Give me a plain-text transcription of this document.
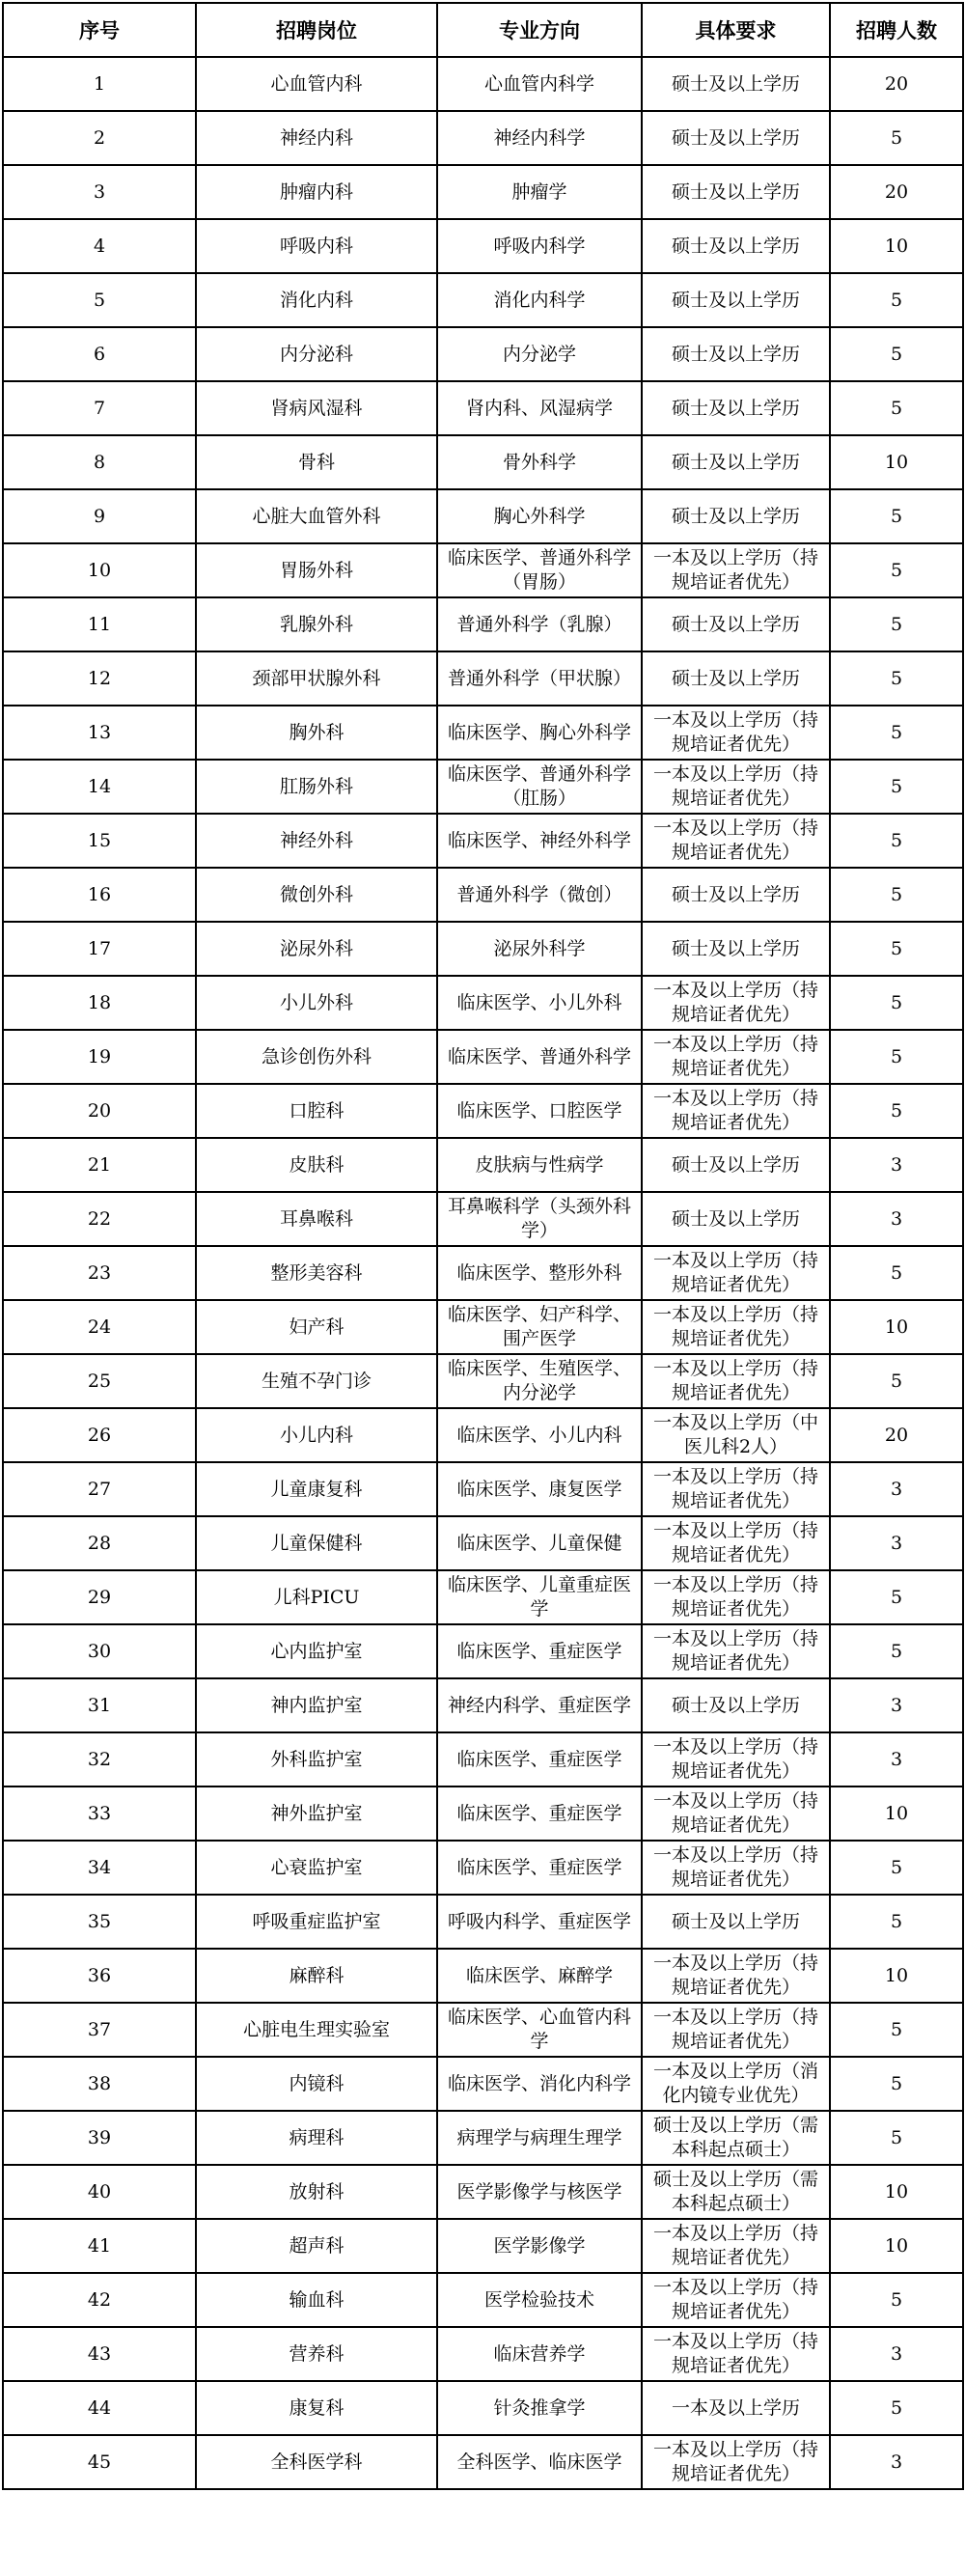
序号	招聘岗位	专业方向	具体要求	招聘人数
1	心血管内科	心血管内科学	硕士及以上学历	20
2	神经内科	神经内科学	硕士及以上学历	5
3	肿瘤内科	肿瘤学	硕士及以上学历	20
4	呼吸内科	呼吸内科学	硕士及以上学历	10
5	消化内科	消化内科学	硕士及以上学历	5
6	内分泌科	内分泌学	硕士及以上学历	5
7	肾病风湿科	肾内科、风湿病学	硕士及以上学历	5
8	骨科	骨外科学	硕士及以上学历	10
9	心脏大血管外科	胸心外科学	硕士及以上学历	5
10	胃肠外科	临床医学、普通外科学（胃肠）	一本及以上学历（持规培证者优先）	5
11	乳腺外科	普通外科学（乳腺）	硕士及以上学历	5
12	颈部甲状腺外科	普通外科学（甲状腺）	硕士及以上学历	5
13	胸外科	临床医学、胸心外科学	一本及以上学历（持规培证者优先）	5
14	肛肠外科	临床医学、普通外科学（肛肠）	一本及以上学历（持规培证者优先）	5
15	神经外科	临床医学、神经外科学	一本及以上学历（持规培证者优先）	5
16	微创外科	普通外科学（微创）	硕士及以上学历	5
17	泌尿外科	泌尿外科学	硕士及以上学历	5
18	小儿外科	临床医学、小儿外科	一本及以上学历（持规培证者优先）	5
19	急诊创伤外科	临床医学、普通外科学	一本及以上学历（持规培证者优先）	5
20	口腔科	临床医学、口腔医学	一本及以上学历（持规培证者优先）	5
21	皮肤科	皮肤病与性病学	硕士及以上学历	3
22	耳鼻喉科	耳鼻喉科学（头颈外科学）	硕士及以上学历	3
23	整形美容科	临床医学、整形外科	一本及以上学历（持规培证者优先）	5
24	妇产科	临床医学、妇产科学、围产医学	一本及以上学历（持规培证者优先）	10
25	生殖不孕门诊	临床医学、生殖医学、内分泌学	一本及以上学历（持规培证者优先）	5
26	小儿内科	临床医学、小儿内科	一本及以上学历（中医儿科2人）	20
27	儿童康复科	临床医学、康复医学	一本及以上学历（持规培证者优先）	3
28	儿童保健科	临床医学、儿童保健	一本及以上学历（持规培证者优先）	3
29	儿科PICU	临床医学、儿童重症医学	一本及以上学历（持规培证者优先）	5
30	心内监护室	临床医学、重症医学	一本及以上学历（持规培证者优先）	5
31	神内监护室	神经内科学、重症医学	硕士及以上学历	3
32	外科监护室	临床医学、重症医学	一本及以上学历（持规培证者优先）	3
33	神外监护室	临床医学、重症医学	一本及以上学历（持规培证者优先）	10
34	心衰监护室	临床医学、重症医学	一本及以上学历（持规培证者优先）	5
35	呼吸重症监护室	呼吸内科学、重症医学	硕士及以上学历	5
36	麻醉科	临床医学、麻醉学	一本及以上学历（持规培证者优先）	10
37	心脏电生理实验室	临床医学、心血管内科学	一本及以上学历（持规培证者优先）	5
38	内镜科	临床医学、消化内科学	一本及以上学历（消化内镜专业优先）	5
39	病理科	病理学与病理生理学	硕士及以上学历（需本科起点硕士）	5
40	放射科	医学影像学与核医学	硕士及以上学历（需本科起点硕士）	10
41	超声科	医学影像学	一本及以上学历（持规培证者优先）	10
42	输血科	医学检验技术	一本及以上学历（持规培证者优先）	5
43	营养科	临床营养学	一本及以上学历（持规培证者优先）	3
44	康复科	针灸推拿学	一本及以上学历	5
45	全科医学科	全科医学、临床医学	一本及以上学历（持规培证者优先）	3
